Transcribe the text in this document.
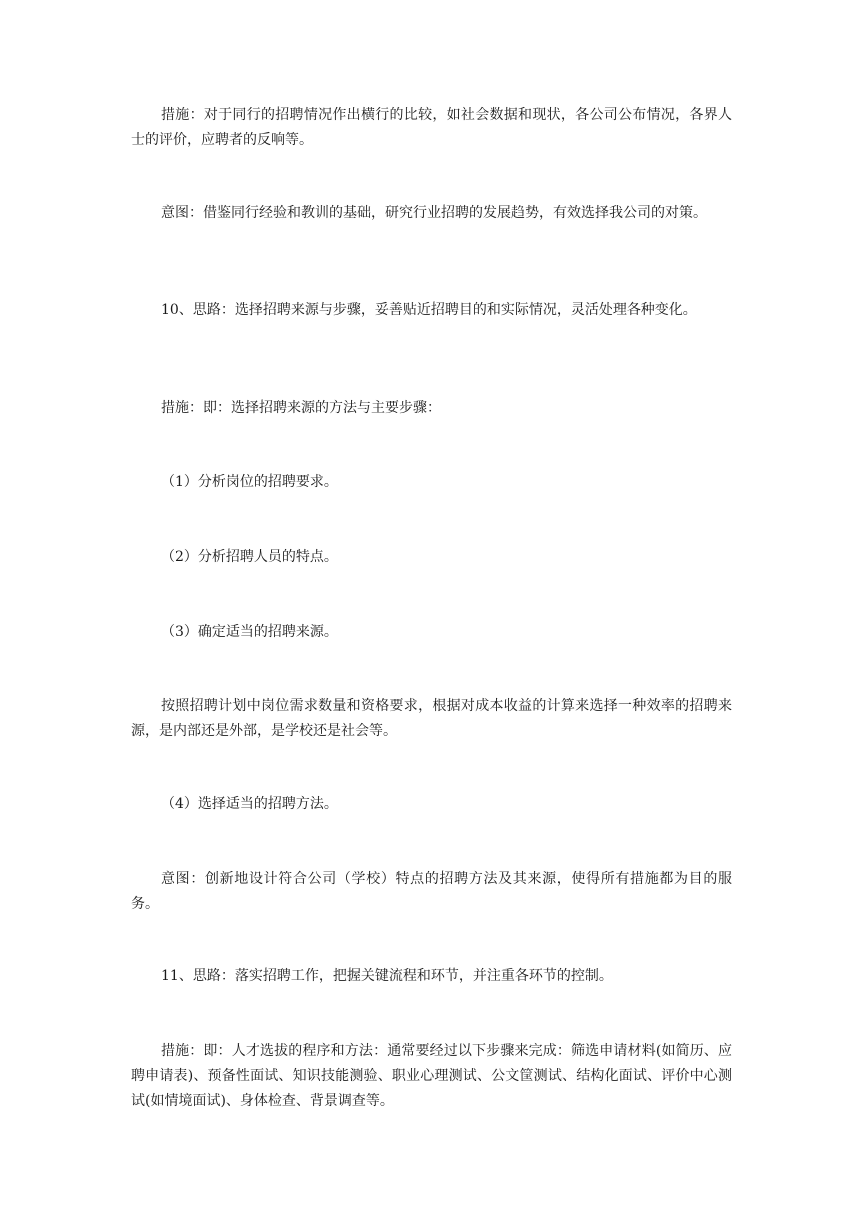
措施：对于同行的招聘情况作出横行的比较，如社会数据和现状，各公司公布情况，各界人士的评价，应聘者的反响等。

意图：借鉴同行经验和教训的基础，研究行业招聘的发展趋势，有效选择我公司的对策。

10、思路：选择招聘来源与步骤，妥善贴近招聘目的和实际情况，灵活处理各种变化。

措施：即：选择招聘来源的方法与主要步骤：

（1）分析岗位的招聘要求。

（2）分析招聘人员的特点。

（3）确定适当的招聘来源。

按照招聘计划中岗位需求数量和资格要求，根据对成本收益的计算来选择一种效率的招聘来源，是内部还是外部，是学校还是社会等。

（4）选择适当的招聘方法。

意图：创新地设计符合公司（学校）特点的招聘方法及其来源，使得所有措施都为目的服务。

11、思路：落实招聘工作，把握关键流程和环节，并注重各环节的控制。

措施：即：人才选拔的程序和方法：通常要经过以下步骤来完成：筛选申请材料(如简历、应聘申请表)、预备性面试、知识技能测验、职业心理测试、公文筐测试、结构化面试、评价中心测试(如情境面试)、身体检查、背景调查等。
